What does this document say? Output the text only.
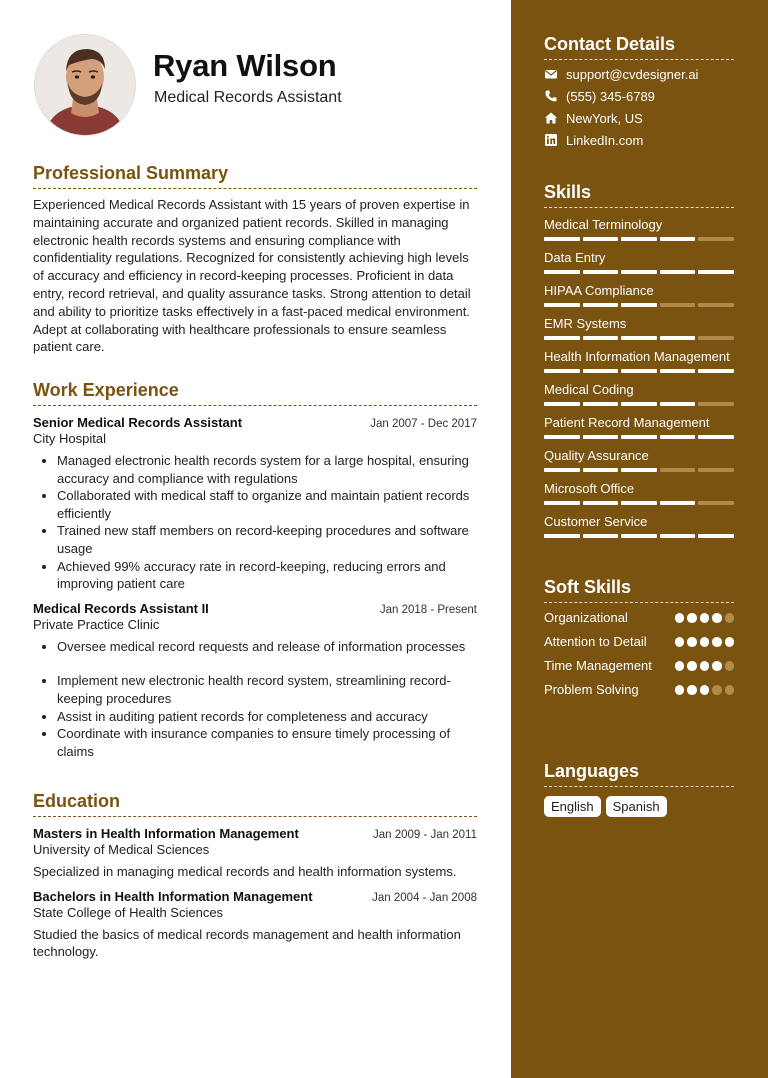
Ryan Wilson
Medical Records Assistant
Professional Summary
Experienced Medical Records Assistant with 15 years of proven expertise in maintaining accurate and organized patient records. Skilled in managing electronic health records systems and ensuring compliance with confidentiality regulations. Recognized for consistently achieving high levels of accuracy and efficiency in record-keeping processes. Proficient in data entry, record retrieval, and quality assurance tasks. Strong attention to detail and ability to prioritize tasks effectively in a fast-paced medical environment. Adept at collaborating with healthcare professionals to ensure seamless patient care.
Work Experience
Senior Medical Records Assistant	Jan 2007 - Dec 2017
City Hospital
• Managed electronic health records system for a large hospital, ensuring accuracy and compliance with regulations
• Collaborated with medical staff to organize and maintain patient records efficiently
• Trained new staff members on record-keeping procedures and software usage
• Achieved 99% accuracy rate in record-keeping, reducing errors and improving patient care
Medical Records Assistant II	Jan 2018 - Present
Private Practice Clinic
• Oversee medical record requests and release of information processes
• Implement new electronic health record system, streamlining record-keeping procedures
• Assist in auditing patient records for completeness and accuracy
• Coordinate with insurance companies to ensure timely processing of claims
Education
Masters in Health Information Management	Jan 2009 - Jan 2011
University of Medical Sciences
Specialized in managing medical records and health information systems.
Bachelors in Health Information Management	Jan 2004 - Jan 2008
State College of Health Sciences
Studied the basics of medical records management and health information technology.
Contact Details
support@cvdesigner.ai
(555) 345-6789
NewYork, US
LinkedIn.com
Skills
Medical Terminology
Data Entry
HIPAA Compliance
EMR Systems
Health Information Management
Medical Coding
Patient Record Management
Quality Assurance
Microsoft Office
Customer Service
Soft Skills
Organizational
Attention to Detail
Time Management
Problem Solving
Languages
English	Spanish
